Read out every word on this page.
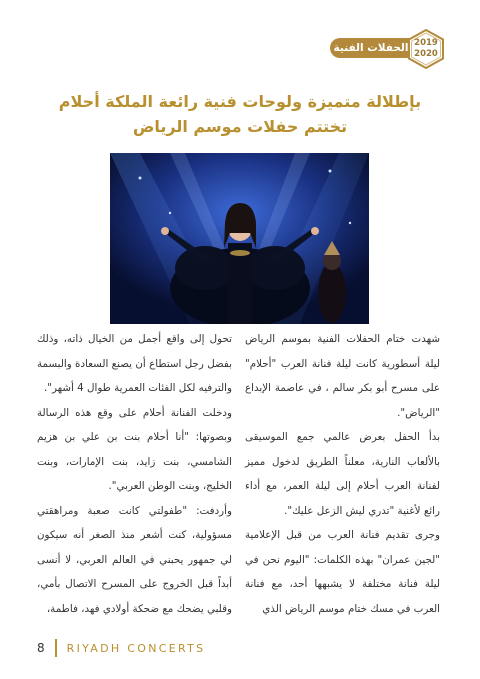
الحفلات الفنية 2019
2020
بإطلالة متميزة ولوحات فنية رائعة الملكة أحلام
تختتم حفلات موسم الرياض

شهدت ختام الحفلات الفنية بموسم الرياض ليلة أسطورية كانت ليلة فنانة العرب "أحلام" على مسرح أبو بكر سالم ، في عاصمة الإبداع "الرياض".

بدأ الحفل بعرض عالمي جمع الموسيقى بالألعاب النارية، معلناً الطريق لدخول مميز لفنانة العرب أحلام إلى ليلة العمر، مع أداء رائع لأغنية "تدري ليش الزعل عليك".

وجرى تقديم فنانة العرب من قبل الإعلامية "لجين عمران" بهذه الكلمات: "اليوم نحن في ليلة فنانة مختلفة لا يشبهها أحد، مع فنانة العرب في مسك ختام موسم الرياض الذي

تحول إلى واقع أجمل من الخيال ذاته، وذلك بفضل رجل استطاع أن يصنع السعادة والبسمة والترفيه لكل الفئات العمرية طوال 4 أشهر".

ودخلت الفنانة أحلام على وقع هذه الرسالة وبصوتها: "أنا أحلام بنت بن علي بن هزيم الشامسي، بنت زايد، بنت الإمارات، وبنت الخليج، وبنت الوطن العربي".

وأردفت: "طفولتي كانت صعبة ومراهقتي مسؤولية، كنت أشعر منذ الصغر أنه سيكون لي جمهور يحبني في العالم العربي، لا أنسى أبداً قبل الخروج على المسرح الاتصال بأمي، وقلبي يضحك مع ضحكة أولادي فهد، فاطمة،

8 RIYADH CONCERTS
